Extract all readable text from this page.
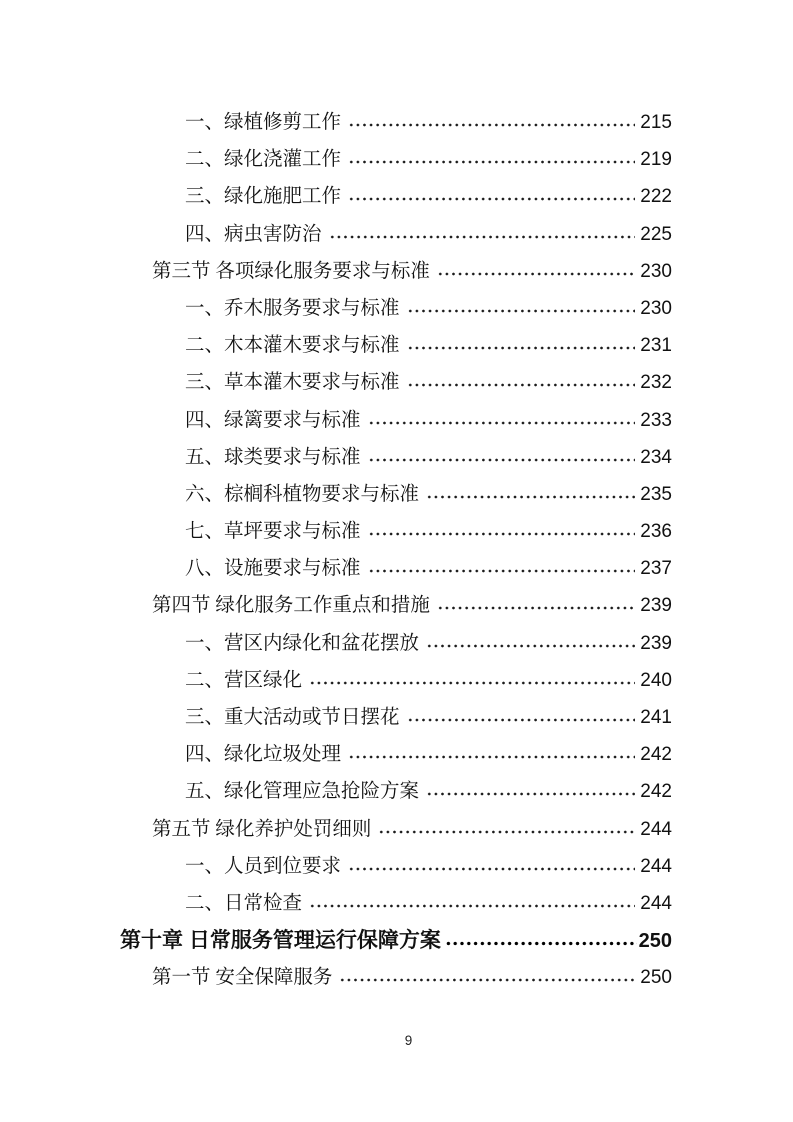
一、绿植修剪工作	215
二、绿化浇灌工作	219
三、绿化施肥工作	222
四、病虫害防治	225
第三节 各项绿化服务要求与标准	230
一、乔木服务要求与标准	230
二、木本灌木要求与标准	231
三、草本灌木要求与标准	232
四、绿篱要求与标准	233
五、球类要求与标准	234
六、棕榈科植物要求与标准	235
七、草坪要求与标准	236
八、设施要求与标准	237
第四节 绿化服务工作重点和措施	239
一、营区内绿化和盆花摆放	239
二、营区绿化	240
三、重大活动或节日摆花	241
四、绿化垃圾处理	242
五、绿化管理应急抢险方案	242
第五节 绿化养护处罚细则	244
一、人员到位要求	244
二、日常检查	244
第十章 日常服务管理运行保障方案	250
第一节 安全保障服务	250
9
